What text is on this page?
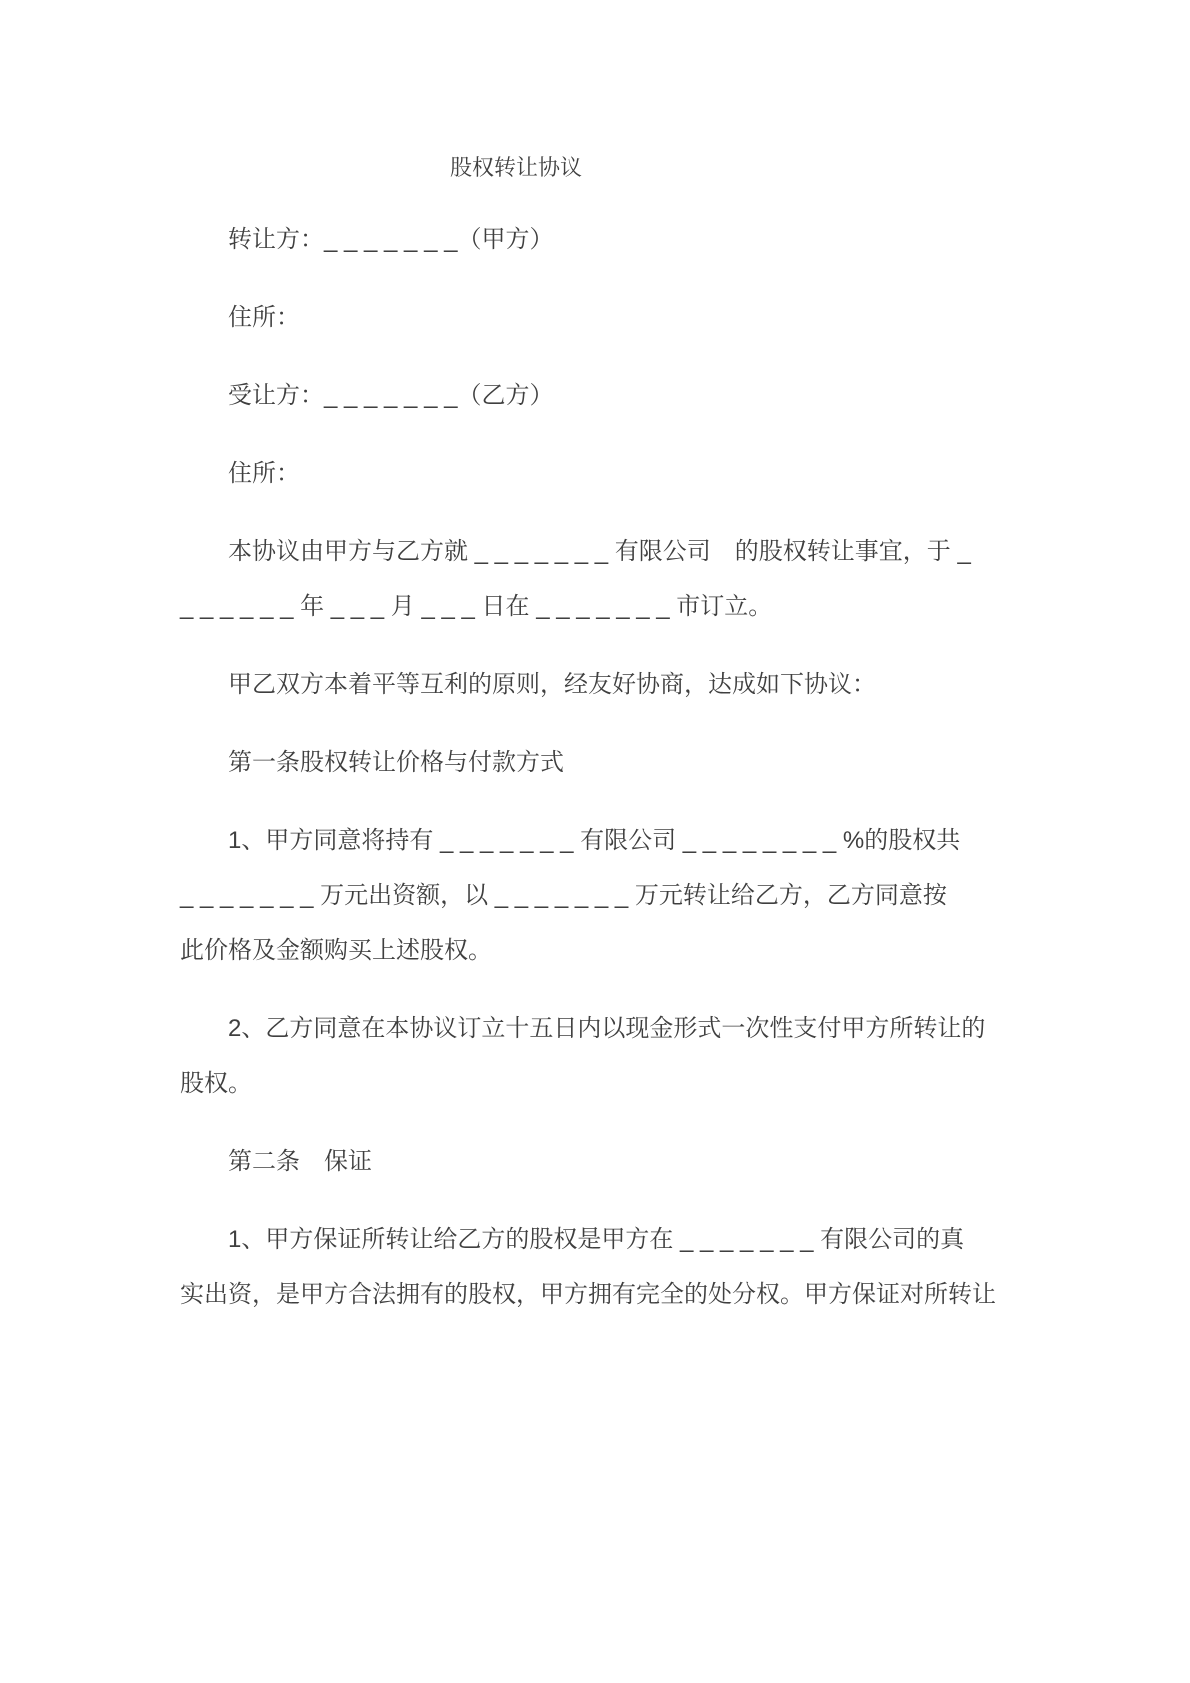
股权转让协议
转让方：_ _ _ _ _ _ _（甲方）
住所：
受让方：_ _ _ _ _ _ _（乙方）
住所：
本协议由甲方与乙方就 _ _ _ _ _ _ _ 有限公司　的股权转让事宜，于 _
_ _ _ _ _ _ 年 _ _ _ 月 _ _ _ 日在 _ _ _ _ _ _ _ 市订立。
甲乙双方本着平等互利的原则，经友好协商，达成如下协议：
第一条股权转让价格与付款方式
1、甲方同意将持有 _ _ _ _ _ _ _ 有限公司 _ _ _ _ _ _ _ _ %的股权共
_ _ _ _ _ _ _ 万元出资额，以 _ _ _ _ _ _ _ 万元转让给乙方，乙方同意按
此价格及金额购买上述股权。
2、乙方同意在本协议订立十五日内以现金形式一次性支付甲方所转让的
股权。
第二条　保证
1、甲方保证所转让给乙方的股权是甲方在 _ _ _ _ _ _ _ 有限公司的真
实出资，是甲方合法拥有的股权，甲方拥有完全的处分权。甲方保证对所转让
